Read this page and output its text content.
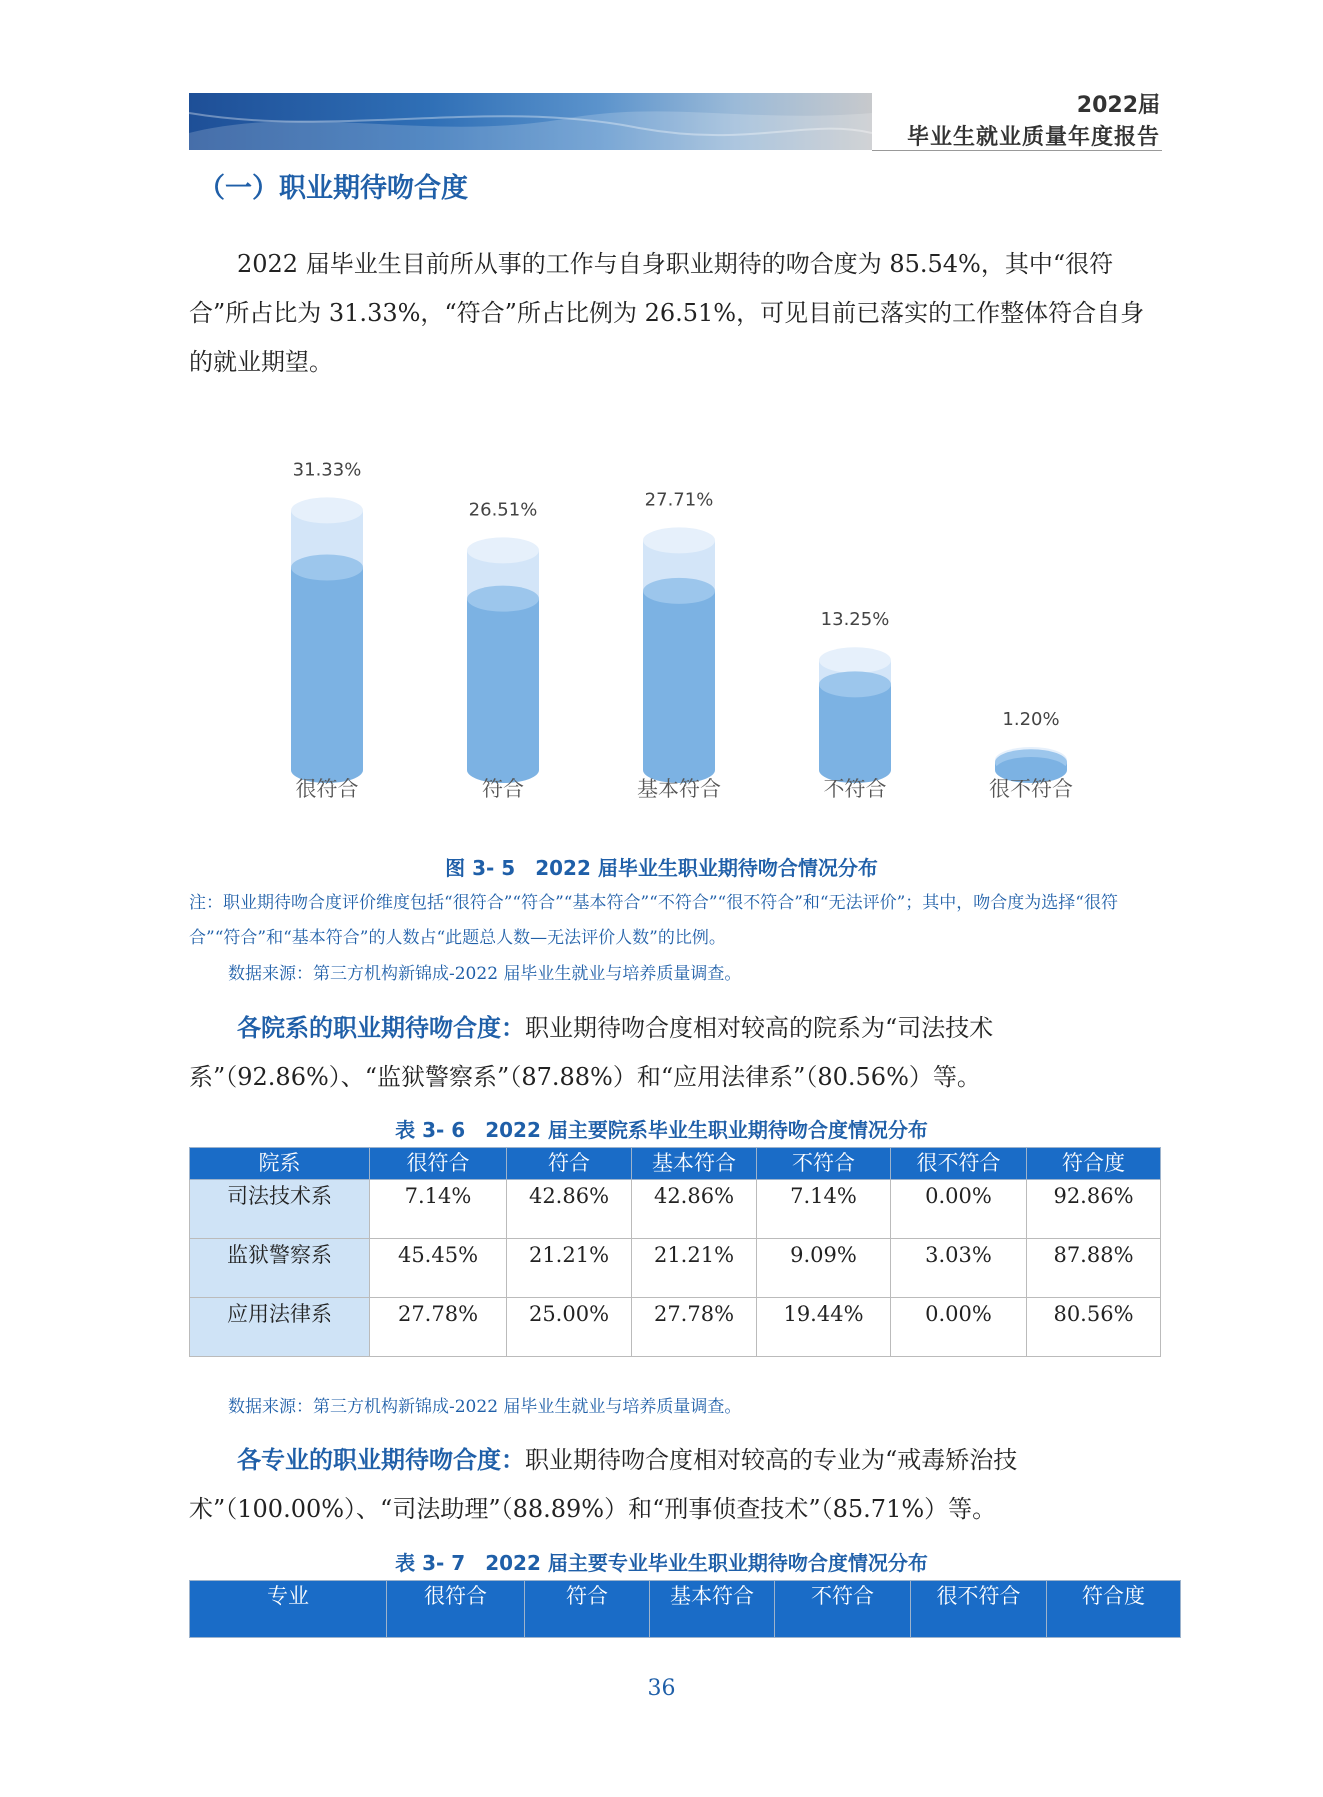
2022届
毕业生就业质量年度报告
（一）职业期待吻合度
2022 届毕业生目前所从事的工作与自身职业期待的吻合度为 85.54%，其中“很符合”所占比为 31.33%，“符合”所占比例为 26.51%，可见目前已落实的工作整体符合自身的就业期望。
31.33%
很符合
26.51%
符合
27.71%
基本符合
13.25%
不符合
1.20%
很不符合
图 3- 5　2022 届毕业生职业期待吻合情况分布
注：职业期待吻合度评价维度包括“很符合”“符合”“基本符合”“不符合”“很不符合”和“无法评价”；其中，吻合度为选择“很符合”“符合”和“基本符合”的人数占“此题总人数—无法评价人数”的比例。
数据来源：第三方机构新锦成-2022 届毕业生就业与培养质量调查。
各院系的职业期待吻合度：职业期待吻合度相对较高的院系为“司法技术系”（92.86%）、“监狱警察系”（87.88%）和“应用法律系”（80.56%）等。
表 3- 6　2022 届主要院系毕业生职业期待吻合度情况分布
院系	很符合	符合	基本符合	不符合	很不符合	符合度
司法技术系	7.14%	42.86%	42.86%	7.14%	0.00%	92.86%
监狱警察系	45.45%	21.21%	21.21%	9.09%	3.03%	87.88%
应用法律系	27.78%	25.00%	27.78%	19.44%	0.00%	80.56%
数据来源：第三方机构新锦成-2022 届毕业生就业与培养质量调查。
各专业的职业期待吻合度：职业期待吻合度相对较高的专业为“戒毒矫治技术”（100.00%）、“司法助理”（88.89%）和“刑事侦查技术”（85.71%）等。
表 3- 7　2022 届主要专业毕业生职业期待吻合度情况分布
专业	很符合	符合	基本符合	不符合	很不符合	符合度
36
